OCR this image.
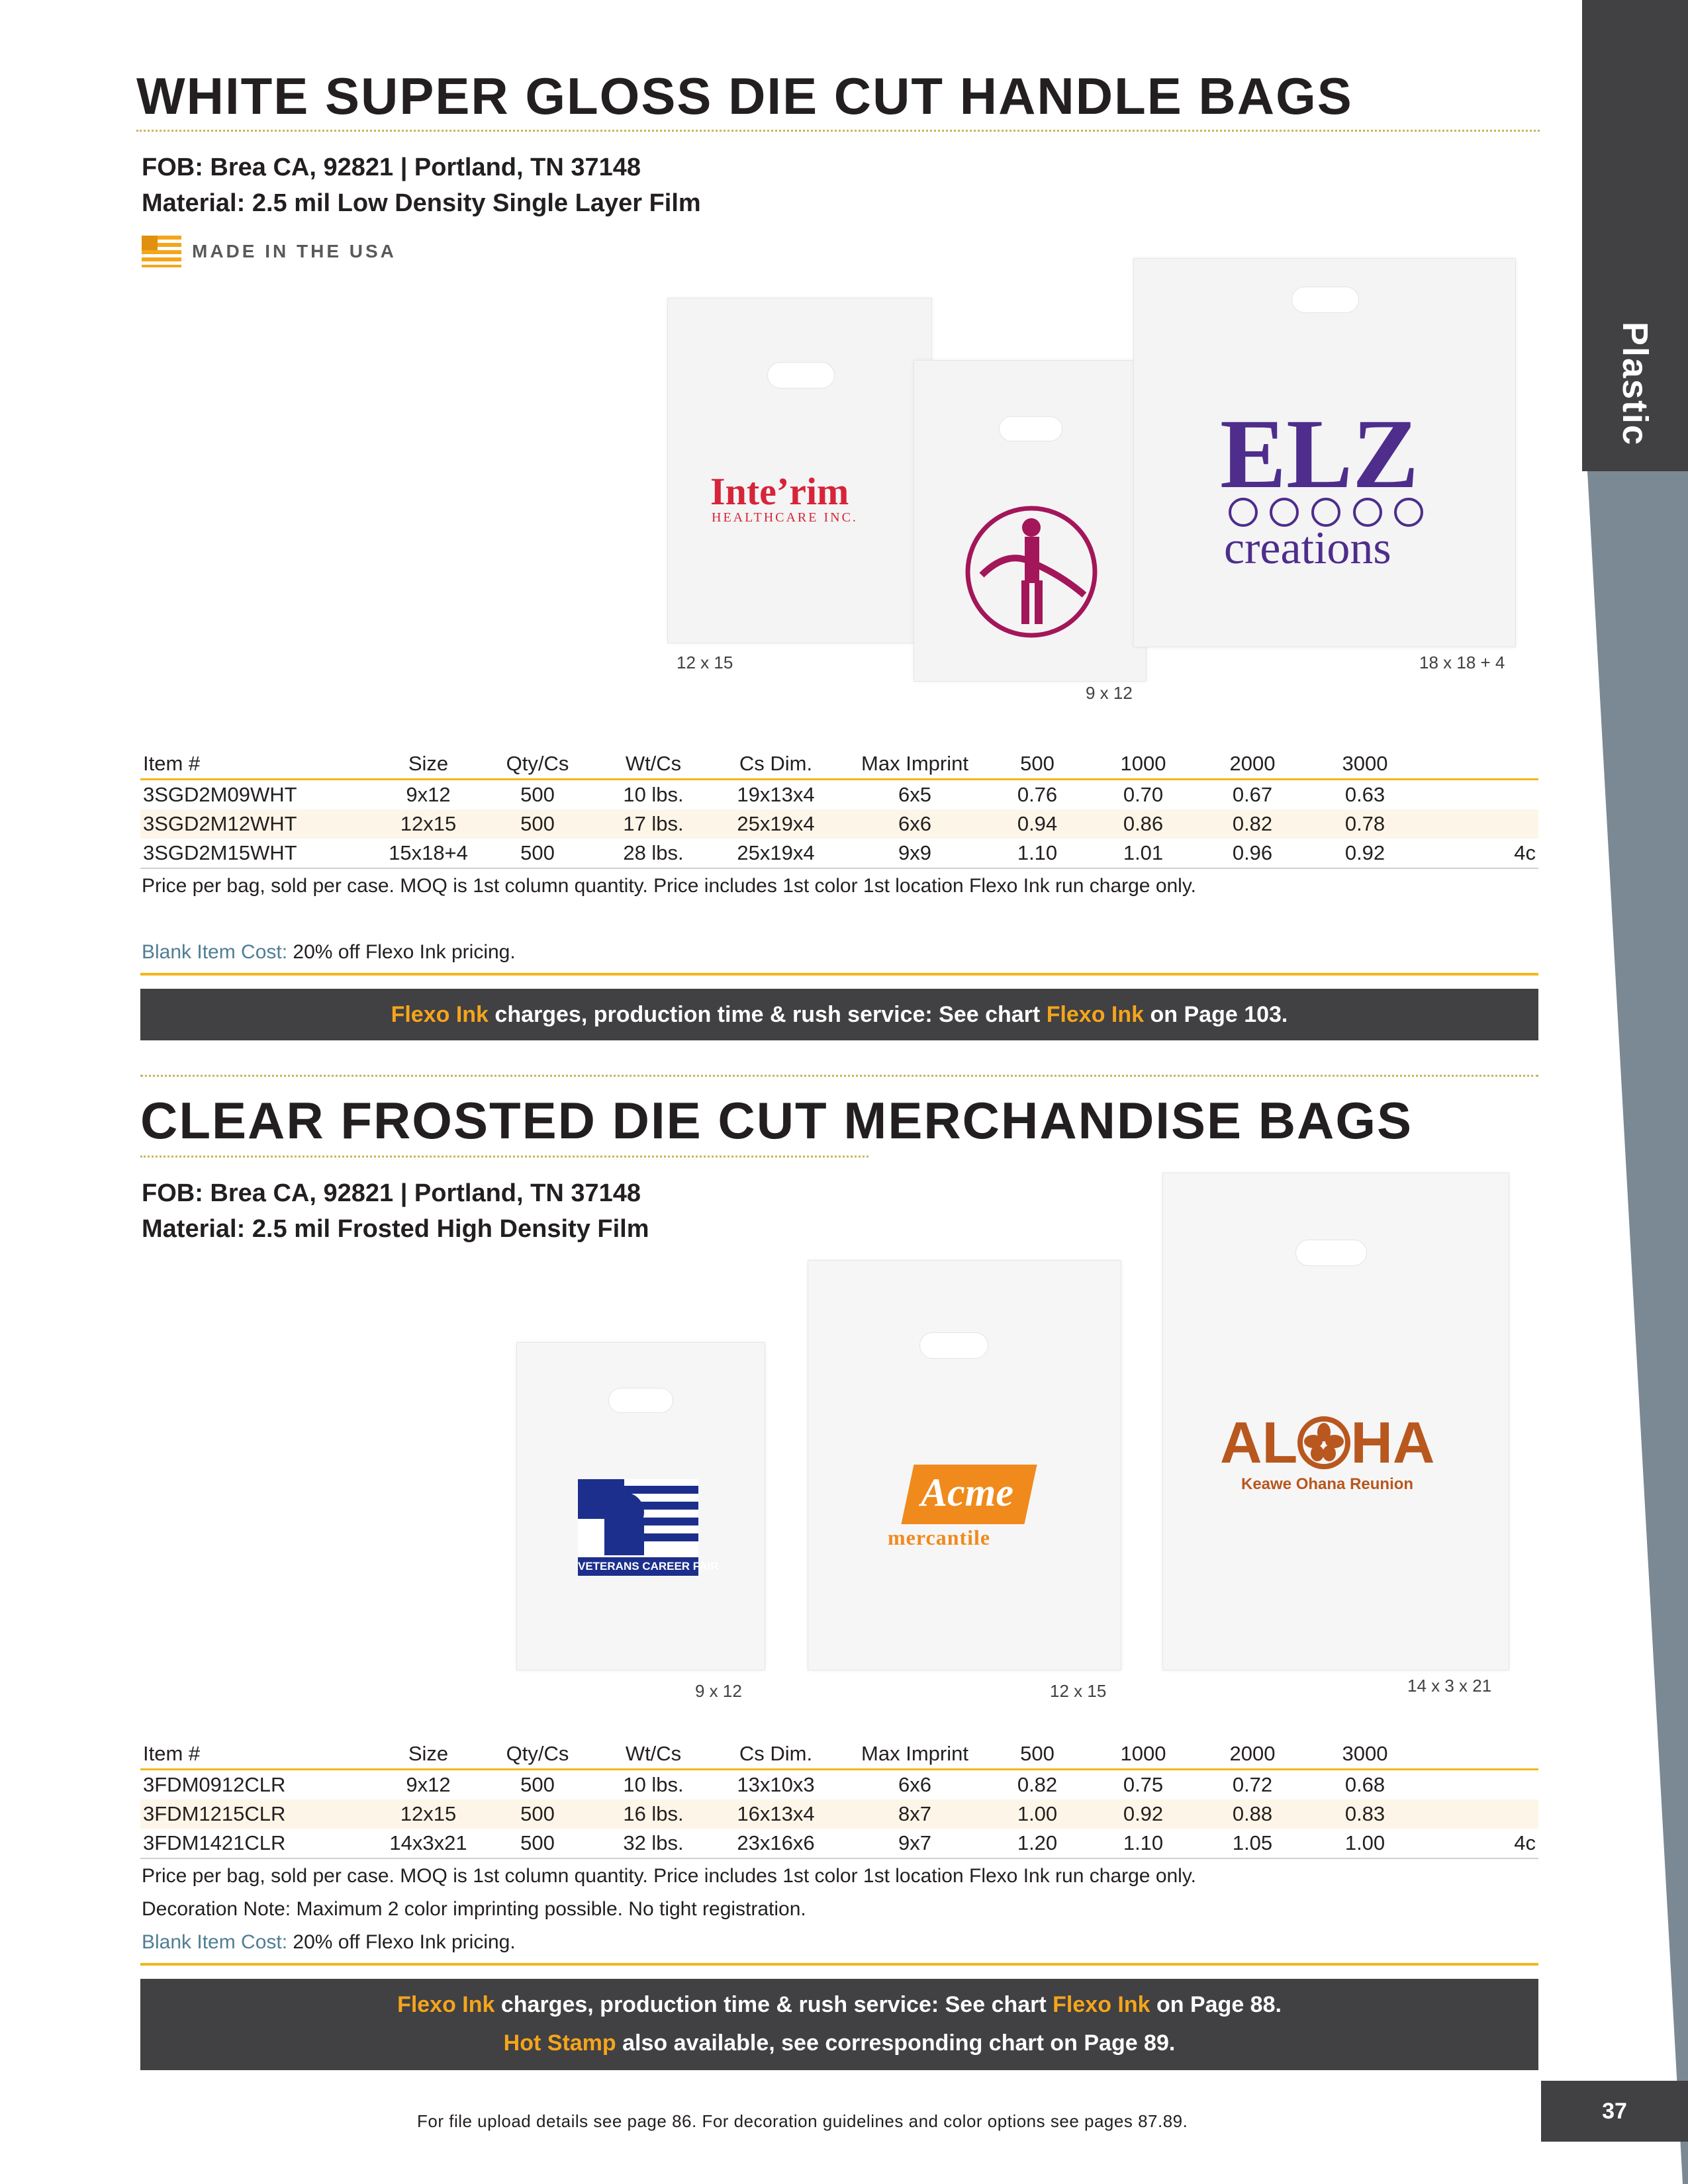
Plastic
WHITE SUPER GLOSS DIE CUT HANDLE BAGS
FOB: Brea CA, 92821 | Portland, TN 37148
Material: 2.5 mil Low Density Single Layer Film
MADE IN THE USA
Inte’rim
HEALTHCARE INC.
12 x 15
9 x 12
ELZ
creations
18 x 18 + 4
Item #	Size	Qty/Cs	Wt/Cs	Cs Dim.	Max Imprint	500	1000	2000	3000	
3SGD2M09WHT	9x12	500	10 lbs.	19x13x4	6x5	0.76	0.70	0.67	0.63	
3SGD2M12WHT	12x15	500	17 lbs.	25x19x4	6x6	0.94	0.86	0.82	0.78	
3SGD2M15WHT	15x18+4	500	28 lbs.	25x19x4	9x9	1.10	1.01	0.96	0.92	4c
Price per bag, sold per case. MOQ is 1st column quantity. Price includes 1st color 1st location Flexo Ink run charge only.
Blank Item Cost: 20% off Flexo Ink pricing.
Flexo Ink charges, production time & rush service: See chart Flexo Ink on Page 103.
CLEAR FROSTED DIE CUT MERCHANDISE BAGS
FOB: Brea CA, 92821 | Portland, TN 37148
Material: 2.5 mil Frosted High Density Film
VETERANS CAREER FAIR
9 x 12
Acme
mercantile
12 x 15
AL HA
Keawe Ohana Reunion
14 x 3 x 21
Item #	Size	Qty/Cs	Wt/Cs	Cs Dim.	Max Imprint	500	1000	2000	3000	
3FDM0912CLR	9x12	500	10 lbs.	13x10x3	6x6	0.82	0.75	0.72	0.68	
3FDM1215CLR	12x15	500	16 lbs.	16x13x4	8x7	1.00	0.92	0.88	0.83	
3FDM1421CLR	14x3x21	500	32 lbs.	23x16x6	9x7	1.20	1.10	1.05	1.00	4c
Price per bag, sold per case. MOQ is 1st column quantity. Price includes 1st color 1st location Flexo Ink run charge only.
Decoration Note: Maximum 2 color imprinting possible. No tight registration.
Blank Item Cost: 20% off Flexo Ink pricing.
Flexo Ink charges, production time & rush service: See chart Flexo Ink on Page 88.
Hot Stamp also available, see corresponding chart on Page 89.
For file upload details see page 86. For decoration guidelines and color options see pages 87.89.	37
